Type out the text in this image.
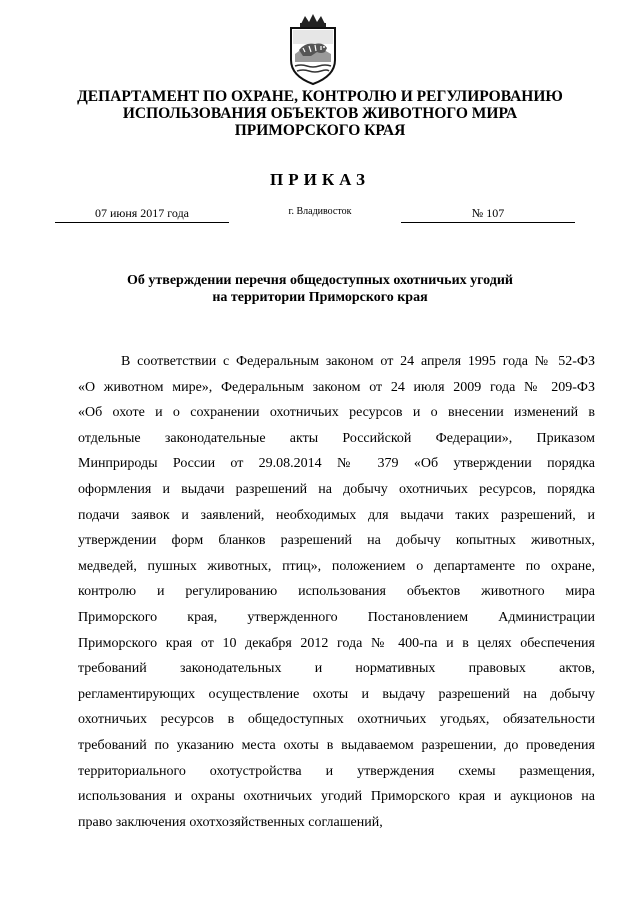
ДЕПАРТАМЕНТ ПО ОХРАНЕ, КОНТРОЛЮ И РЕГУЛИРОВАНИЮ
ИСПОЛЬЗОВАНИЯ ОБЪЕКТОВ ЖИВОТНОГО МИРА
ПРИМОРСКОГО КРАЯ
ПРИКАЗ
07 июня 2017 года	г. Владивосток	№ 107
Об утверждении перечня общедоступных охотничьих угодий
на территории Приморского края
В соответствии с Федеральным законом от 24 апреля 1995 года № 52-ФЗ
«О животном мире», Федеральным законом от 24 июля 2009 года № 209-ФЗ
«Об охоте и о сохранении охотничьих ресурсов и о внесении изменений в
отдельные законодательные акты Российской Федерации», Приказом
Минприроды России от 29.08.2014 № 379 «Об утверждении порядка
оформления и выдачи разрешений на добычу охотничьих ресурсов, порядка
подачи заявок и заявлений, необходимых для выдачи таких разрешений, и
утверждении форм бланков разрешений на добычу копытных животных,
медведей, пушных животных, птиц», положением о департаменте по охране,
контролю и регулированию использования объектов животного мира
Приморского края, утвержденного Постановлением Администрации
Приморского края от 10 декабря 2012 года № 400-па и в целях обеспечения
требований законодательных и нормативных правовых актов,
регламентирующих осуществление охоты и выдачу разрешений на добычу
охотничьих ресурсов в общедоступных охотничьих угодьях, обязательности
требований по указанию места охоты в выдаваемом разрешении, до проведения
территориального охотустройства и утверждения схемы размещения,
использования и охраны охотничьих угодий Приморского края и аукционов на
право заключения охотхозяйственных соглашений,
